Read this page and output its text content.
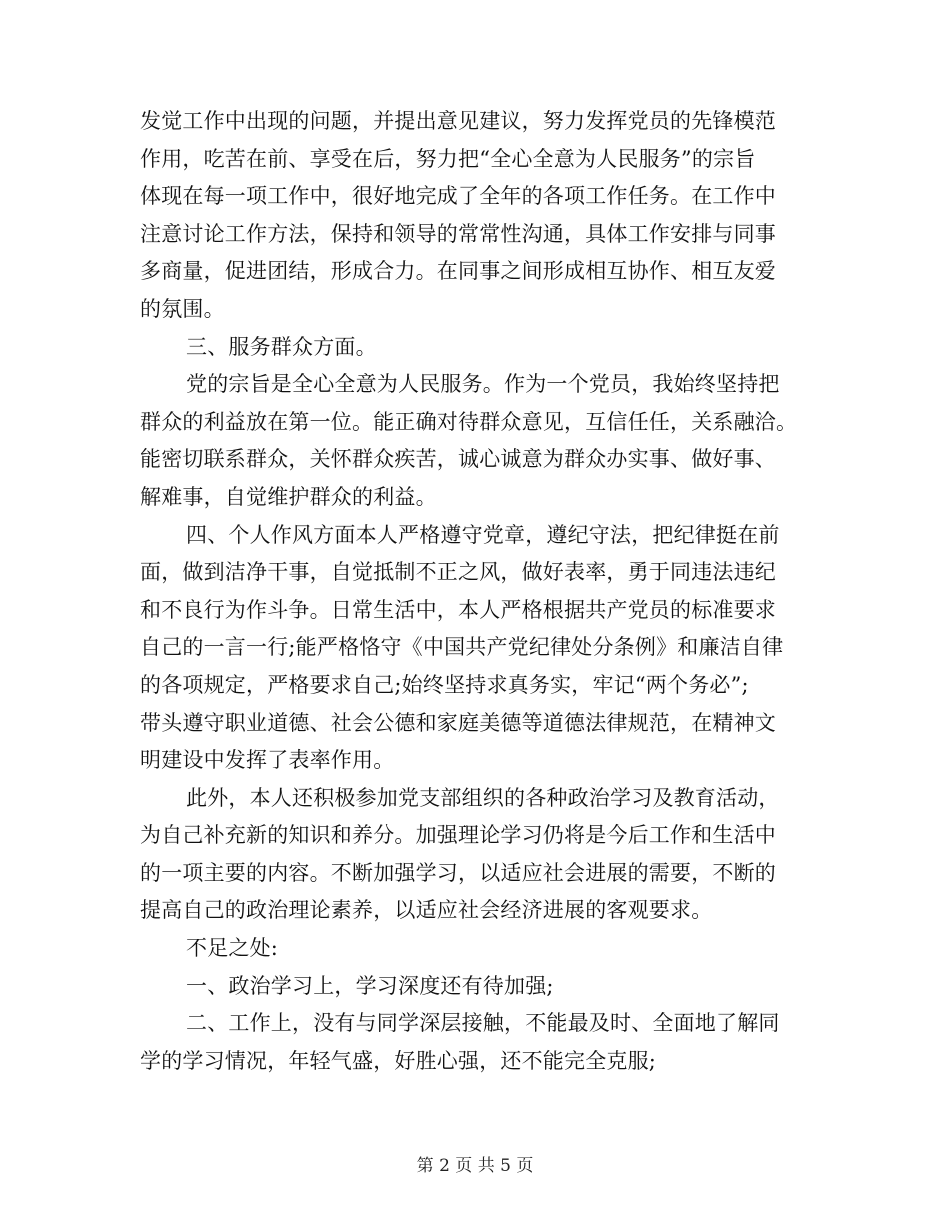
发觉工作中出现的问题，并提出意见建议，努力发挥党员的先锋模范
作用，吃苦在前、享受在后，努力把“全心全意为人民服务”的宗旨
体现在每一项工作中，很好地完成了全年的各项工作任务。在工作中
注意讨论工作方法，保持和领导的常常性沟通，具体工作安排与同事
多商量，促进团结，形成合力。在同事之间形成相互协作、相互友爱
的氛围。

三、服务群众方面。

党的宗旨是全心全意为人民服务。作为一个党员，我始终坚持把
群众的利益放在第一位。能正确对待群众意见，互信任任，关系融洽。
能密切联系群众，关怀群众疾苦，诚心诚意为群众办实事、做好事、
解难事，自觉维护群众的利益。

四、个人作风方面本人严格遵守党章，遵纪守法，把纪律挺在前
面，做到洁净干事，自觉抵制不正之风，做好表率，勇于同违法违纪
和不良行为作斗争。日常生活中，本人严格根据共产党员的标准要求
自己的一言一行;能严格恪守《中国共产党纪律处分条例》和廉洁自律
的各项规定，严格要求自己;始终坚持求真务实，牢记“两个务必”;
带头遵守职业道德、社会公德和家庭美德等道德法律规范，在精神文
明建设中发挥了表率作用。

此外，本人还积极参加党支部组织的各种政治学习及教育活动，
为自己补充新的知识和养分。加强理论学习仍将是今后工作和生活中
的一项主要的内容。不断加强学习，以适应社会进展的需要，不断的
提高自己的政治理论素养，以适应社会经济进展的客观要求。

不足之处:

一、政治学习上，学习深度还有待加强;

二、工作上，没有与同学深层接触，不能最及时、全面地了解同
学的学习情况，年轻气盛，好胜心强，还不能完全克服;

第 2 页 共 5 页
